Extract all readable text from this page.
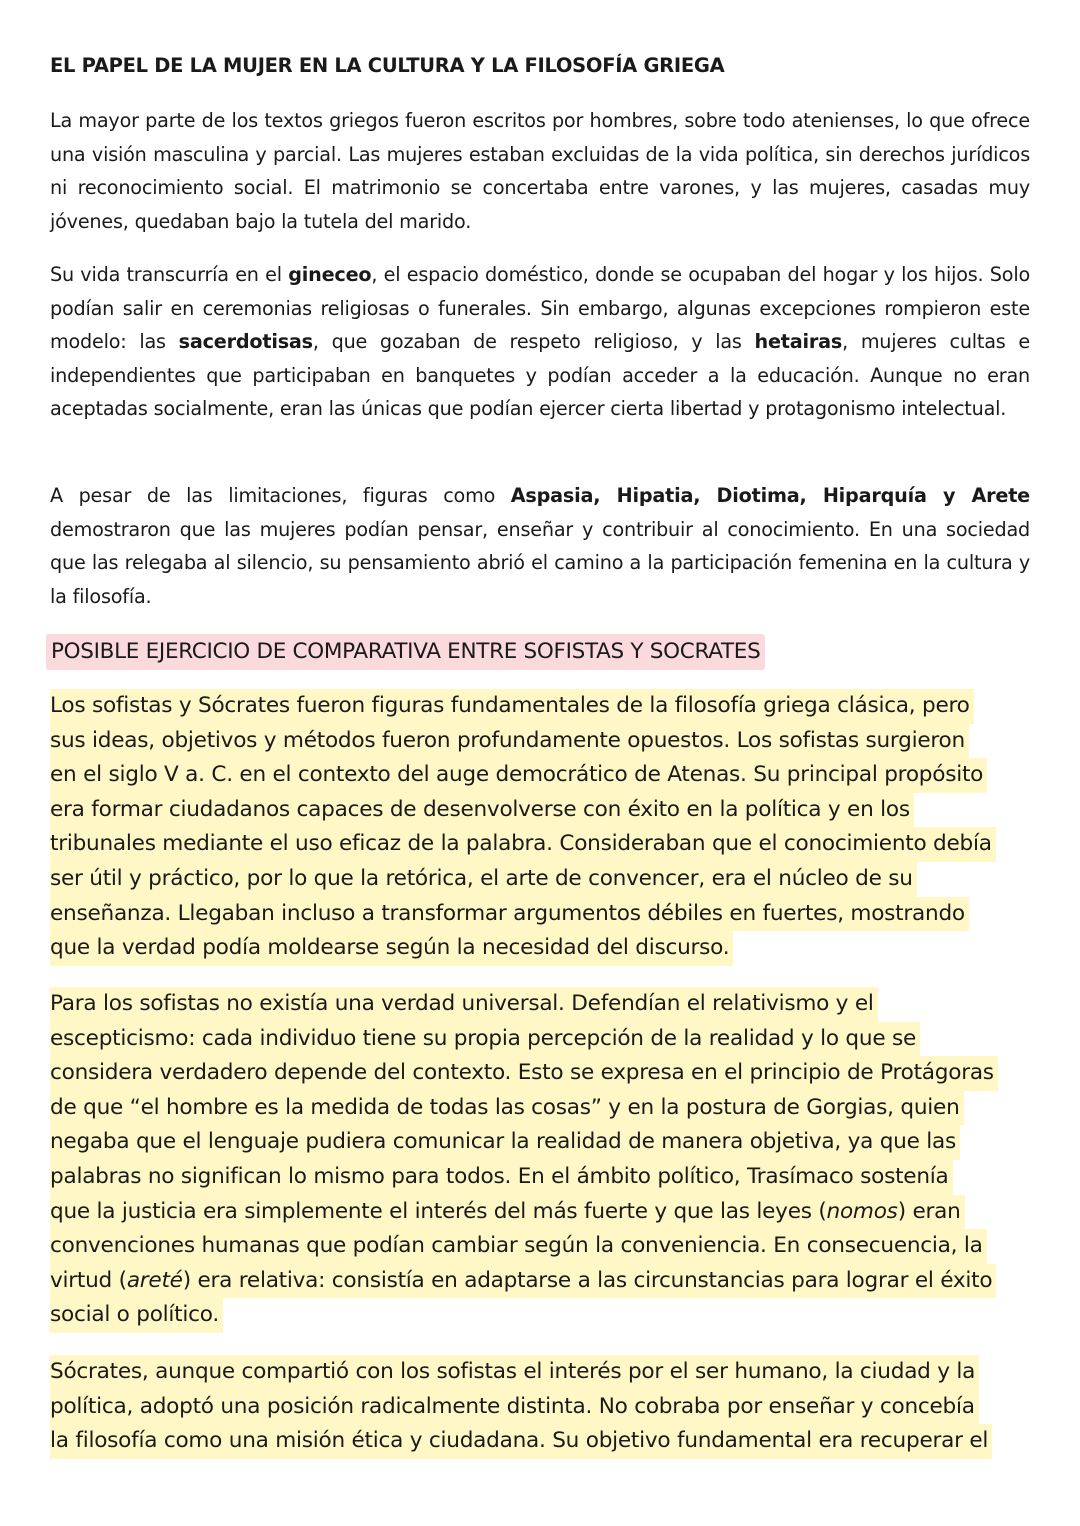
EL PAPEL DE LA MUJER EN LA CULTURA Y LA FILOSOFÍA GRIEGA

La mayor parte de los textos griegos fueron escritos por hombres, sobre todo atenienses, lo que ofrece una visión masculina y parcial. Las mujeres estaban excluidas de la vida política, sin derechos jurídicos ni reconocimiento social. El matrimonio se concertaba entre varones, y las mujeres, casadas muy jóvenes, quedaban bajo la tutela del marido.

Su vida transcurría en el gineceo, el espacio doméstico, donde se ocupaban del hogar y los hijos. Solo podían salir en ceremonias religiosas o funerales. Sin embargo, algunas excepciones rompieron este modelo: las sacerdotisas, que gozaban de respeto religioso, y las hetairas, mujeres cultas e independientes que participaban en banquetes y podían acceder a la educación. Aunque no eran aceptadas socialmente, eran las únicas que podían ejercer cierta libertad y protagonismo intelectual.

A pesar de las limitaciones, figuras como Aspasia, Hipatia, Diotima, Hiparquía y Arete demostraron que las mujeres podían pensar, enseñar y contribuir al conocimiento. En una sociedad que las relegaba al silencio, su pensamiento abrió el camino a la participación femenina en la cultura y la filosofía.

POSIBLE EJERCICIO DE COMPARATIVA ENTRE SOFISTAS Y SOCRATES

Los sofistas y Sócrates fueron figuras fundamentales de la filosofía griega clásica, pero
sus ideas, objetivos y métodos fueron profundamente opuestos. Los sofistas surgieron
en el siglo V a. C. en el contexto del auge democrático de Atenas. Su principal propósito
era formar ciudadanos capaces de desenvolverse con éxito en la política y en los
tribunales mediante el uso eficaz de la palabra. Consideraban que el conocimiento debía
ser útil y práctico, por lo que la retórica, el arte de convencer, era el núcleo de su
enseñanza. Llegaban incluso a transformar argumentos débiles en fuertes, mostrando
que la verdad podía moldearse según la necesidad del discurso.

Para los sofistas no existía una verdad universal. Defendían el relativismo y el
escepticismo: cada individuo tiene su propia percepción de la realidad y lo que se
considera verdadero depende del contexto. Esto se expresa en el principio de Protágoras
de que “el hombre es la medida de todas las cosas” y en la postura de Gorgias, quien
negaba que el lenguaje pudiera comunicar la realidad de manera objetiva, ya que las
palabras no significan lo mismo para todos. En el ámbito político, Trasímaco sostenía
que la justicia era simplemente el interés del más fuerte y que las leyes (nomos) eran
convenciones humanas que podían cambiar según la conveniencia. En consecuencia, la
virtud (areté) era relativa: consistía en adaptarse a las circunstancias para lograr el éxito
social o político.

Sócrates, aunque compartió con los sofistas el interés por el ser humano, la ciudad y la
política, adoptó una posición radicalmente distinta. No cobraba por enseñar y concebía
la filosofía como una misión ética y ciudadana. Su objetivo fundamental era recuperar el
